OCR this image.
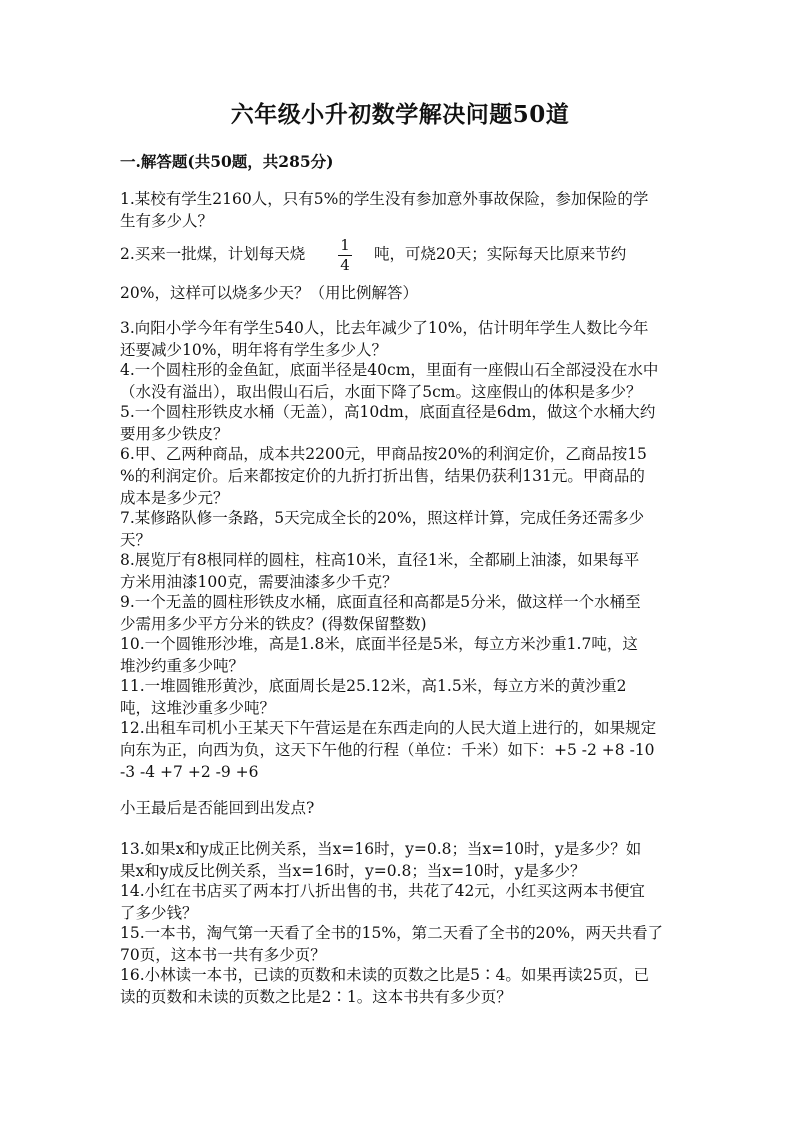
六年级小升初数学解决问题50道
一.解答题(共50题，共285分)
1.某校有学生2160人，只有5%的学生没有参加意外事故保险，参加保险的学
生有多少人？
2.买来一批煤，计划每天烧	1
4
吨，可烧20天；实际每天比原来节约
20%，这样可以烧多少天？（用比例解答）
3.向阳小学今年有学生540人，比去年减少了10%，估计明年学生人数比今年
还要减少10%，明年将有学生多少人？
4.一个圆柱形的金鱼缸，底面半径是40cm，里面有一座假山石全部浸没在水中
（水没有溢出），取出假山石后，水面下降了5cm。这座假山的体积是多少？
5.一个圆柱形铁皮水桶（无盖），高10dm，底面直径是6dm，做这个水桶大约
要用多少铁皮？
6.甲、乙两种商品，成本共2200元，甲商品按20%的利润定价，乙商品按15
%的利润定价。后来都按定价的九折打折出售，结果仍获利131元。甲商品的
成本是多少元？
7.某修路队修一条路，5天完成全长的20%，照这样计算，完成任务还需多少
天？
8.展览厅有8根同样的圆柱，柱高10米，直径1米，全都刷上油漆，如果每平
方米用油漆100克，需要油漆多少千克？
9.一个无盖的圆柱形铁皮水桶，底面直径和高都是5分米，做这样一个水桶至
少需用多少平方分米的铁皮？(得数保留整数)
10.一个圆锥形沙堆，高是1.8米，底面半径是5米，每立方米沙重1.7吨，这
堆沙约重多少吨？
11.一堆圆锥形黄沙，底面周长是25.12米，高1.5米，每立方米的黄沙重2
吨，这堆沙重多少吨？
12.出租车司机小王某天下午营运是在东西走向的人民大道上进行的，如果规定
向东为正，向西为负，这天下午他的行程（单位：千米）如下：+5 -2 +8 -10
-3 -4 +7 +2 -9 +6
小王最后是否能回到出发点?
13.如果x和y成正比例关系，当x=16时，y=0.8；当x=10时，y是多少？如
果x和y成反比例关系，当x=16时，y=0.8；当x=10时，y是多少？
14.小红在书店买了两本打八折出售的书，共花了42元，小红买这两本书便宜
了多少钱？
15.一本书，淘气第一天看了全书的15%，第二天看了全书的20%，两天共看了
70页，这本书一共有多少页？
16.小林读一本书，已读的页数和未读的页数之比是5∶4。如果再读25页，已
读的页数和未读的页数之比是2∶1。这本书共有多少页？
